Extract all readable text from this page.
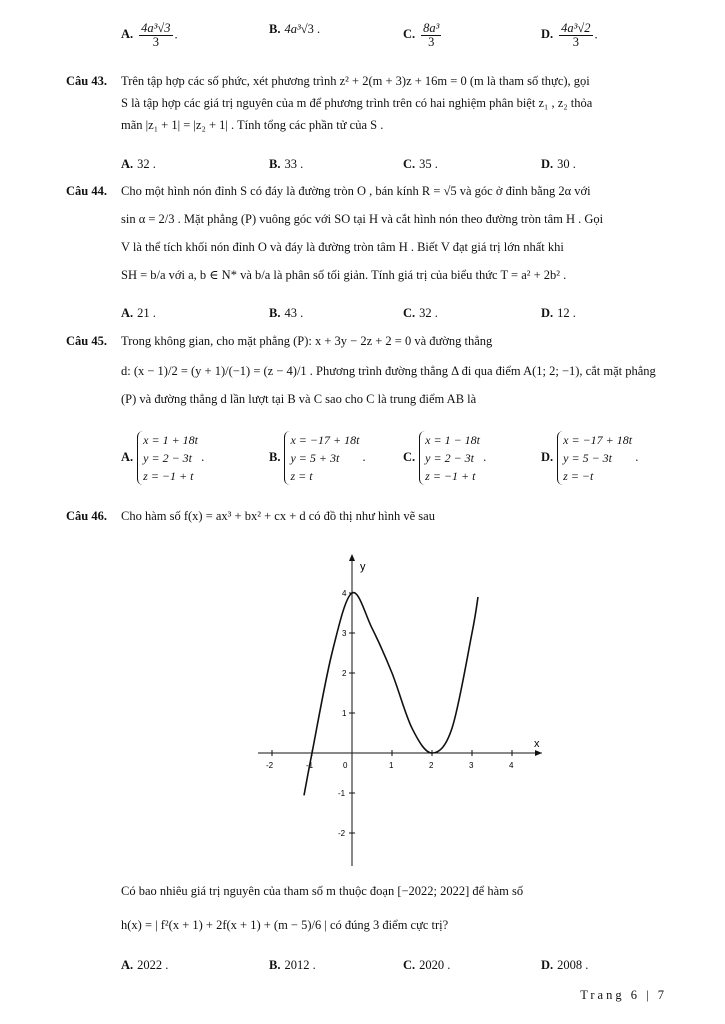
A. $\frac{\text{4a³√3}}{3}$ .	B. 4a³√3 .	C. $\frac{\text{8a³}}{3}$	D. $\frac{\text{4a³√2}}{3}$ .
Câu 43. Trên tập hợp các số phức, xét phương trình z² + 2(m + 3)z + 16m = 0 (m là tham số thực), gọi
S là tập hợp các giá trị nguyên của m để phương trình trên có hai nghiệm phân biệt z₁ , z₂ thỏa
mãn |z₁ + 1| = |z₂ + 1| . Tính tổng các phần tử của S .
A. 32 .	B. 33 .	C. 35 .	D. 30 .
Câu 44. Cho một hình nón đỉnh S có đáy là đường tròn O , bán kính R = √5 và góc ở đỉnh bằng 2α với
sin α = 2/3 . Mặt phẳng (P) vuông góc với SO tại H và cắt hình nón theo đường tròn tâm H . Gọi
V là thể tích khối nón đỉnh O và đáy là đường tròn tâm H . Biết V đạt giá trị lớn nhất khi
SH = b/a với a, b ∈ N* và b/a là phân số tối giản. Tính giá trị của biểu thức T = a² + 2b² .
A. 21 .	B. 43 .	C. 32 .	D. 12 .
Câu 45. Trong không gian, cho mặt phẳng (P): x + 3y − 2z + 2 = 0 và đường thẳng
d: (x − 1)/2 = (y + 1)/(−1) = (z − 4)/1 . Phương trình đường thẳng Δ đi qua điểm A(1; 2; −1), cắt mặt phẳng
(P) và đường thẳng d lần lượt tại B và C sao cho C là trung điểm AB là
A.x = 1 + 18t
y = 2 − 3t
z = −1 + t .	B.x = −17 + 18t
y = 5 + 3t
z = t .	C.x = 1 − 18t
y = 2 − 3t
z = −1 + t .	D.x = −17 + 18t
y = 5 − 3t
z = −t .
Câu 46. Cho hàm số f(x) = ax³ + bx² + cx + d có đồ thị như hình vẽ sau
x
y
-2	0	1	3	4
3
2
1
-1
-2
4
-1	2
Có bao nhiêu giá trị nguyên của tham số m thuộc đoạn [−2022; 2022] để hàm số
h(x) = | f²(x + 1) + 2f(x + 1) + (m − 5)/6 | có đúng 3 điểm cực trị?
A. 2022 .	B. 2012 .	C. 2020 .	D. 2008 .
Trang 6 | 7
